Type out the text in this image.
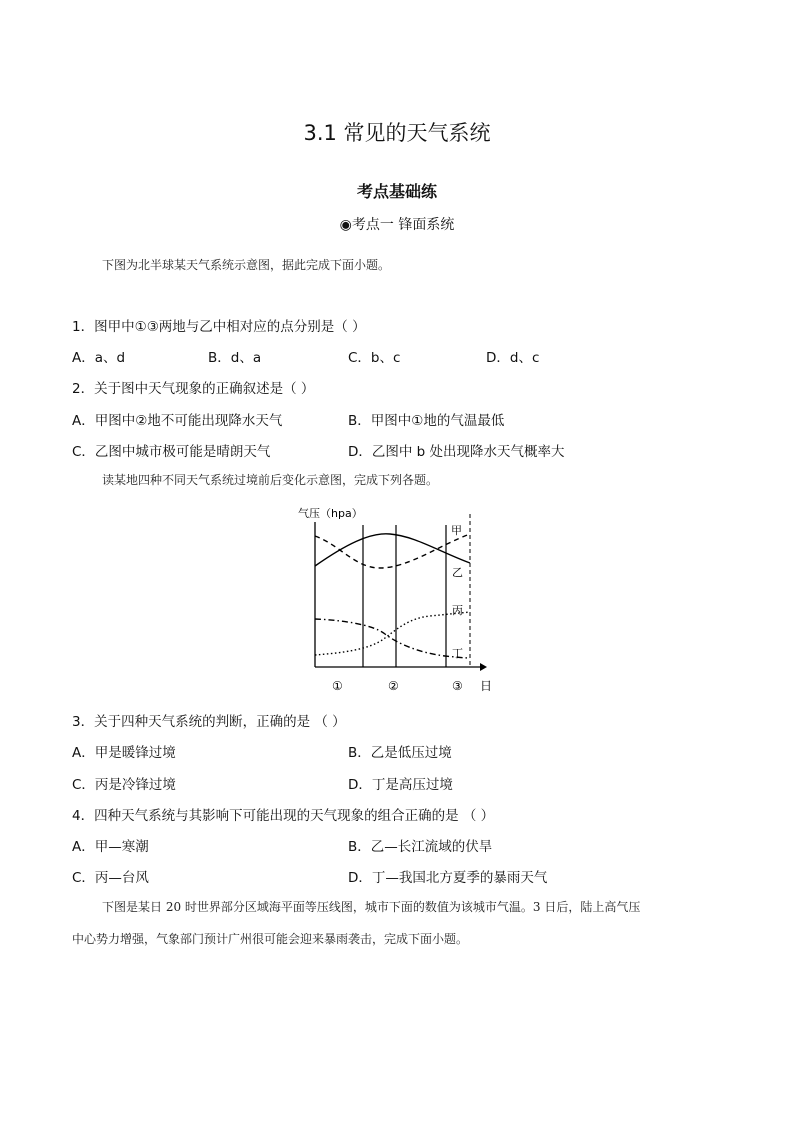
3.1 常见的天气系统
考点基础练
◉考点一 锋面系统
下图为北半球某天气系统示意图，据此完成下面小题。
1．图甲中①③两地与乙中相对应的点分别是（ ）
A．a、d	B．d、a	C．b、c	D．d、c
2．关于图中天气现象的正确叙述是（ ）
A．甲图中②地不可能出现降水天气	B．甲图中①地的气温最低
C．乙图中城市极可能是晴朗天气	D．乙图中 b 处出现降水天气概率大
读某地四种不同天气系统过境前后变化示意图，完成下列各题。
气压（hpa）
甲
乙
丙
丁
①	②	③ 日
3．关于四种天气系统的判断，正确的是 （ ）
A．甲是暖锋过境	B．乙是低压过境
C．丙是冷锋过境	D．丁是高压过境
4．四种天气系统与其影响下可能出现的天气现象的组合正确的是 （ ）
A．甲—寒潮	B．乙—长江流域的伏旱
C．丙—台风	D．丁—我国北方夏季的暴雨天气
下图是某日 20 时世界部分区域海平面等压线图，城市下面的数值为该城市气温。3 日后，陆上高气压
中心势力增强，气象部门预计广州很可能会迎来暴雨袭击，完成下面小题。
